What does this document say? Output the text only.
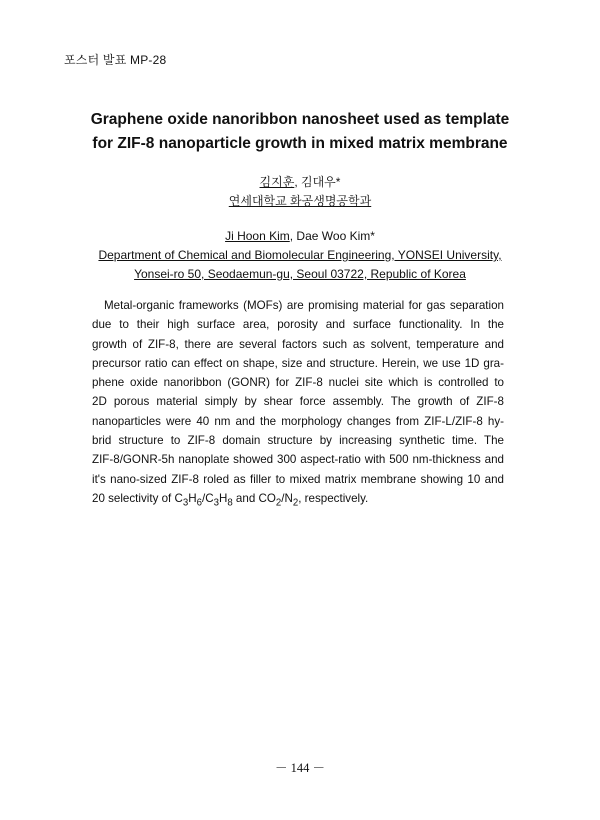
포스터 발표 MP-28
Graphene oxide nanoribbon nanosheet used as template
for ZIF-8 nanoparticle growth in mixed matrix membrane
김지훈, 김대우*
연세대학교 화공생명공학과
Ji Hoon Kim, Dae Woo Kim*
Department of Chemical and Biomolecular Engineering, YONSEI University,
Yonsei-ro 50, Seodaemun-gu, Seoul 03722, Republic of Korea
Metal-organic frameworks (MOFs) are promising material for gas separation
due to their high surface area, porosity and surface functionality. In the
growth of ZIF-8, there are several factors such as solvent, temperature and
precursor ratio can effect on shape, size and structure. Herein, we use 1D gra-
phene oxide nanoribbon (GONR) for ZIF-8 nuclei site which is controlled to
2D porous material simply by shear force assembly. The growth of ZIF-8
nanoparticles were 40 nm and the morphology changes from ZIF-L/ZIF-8 hy-
brid structure to ZIF-8 domain structure by increasing synthetic time. The
ZIF-8/GONR-5h nanoplate showed 300 aspect-ratio with 500 nm-thickness and
it's nano-sized ZIF-8 roled as filler to mixed matrix membrane showing 10 and
20 selectivity of $C_3H_6/C_3H_8$ and $CO_2/N_2$, respectively.
－ 144 －
